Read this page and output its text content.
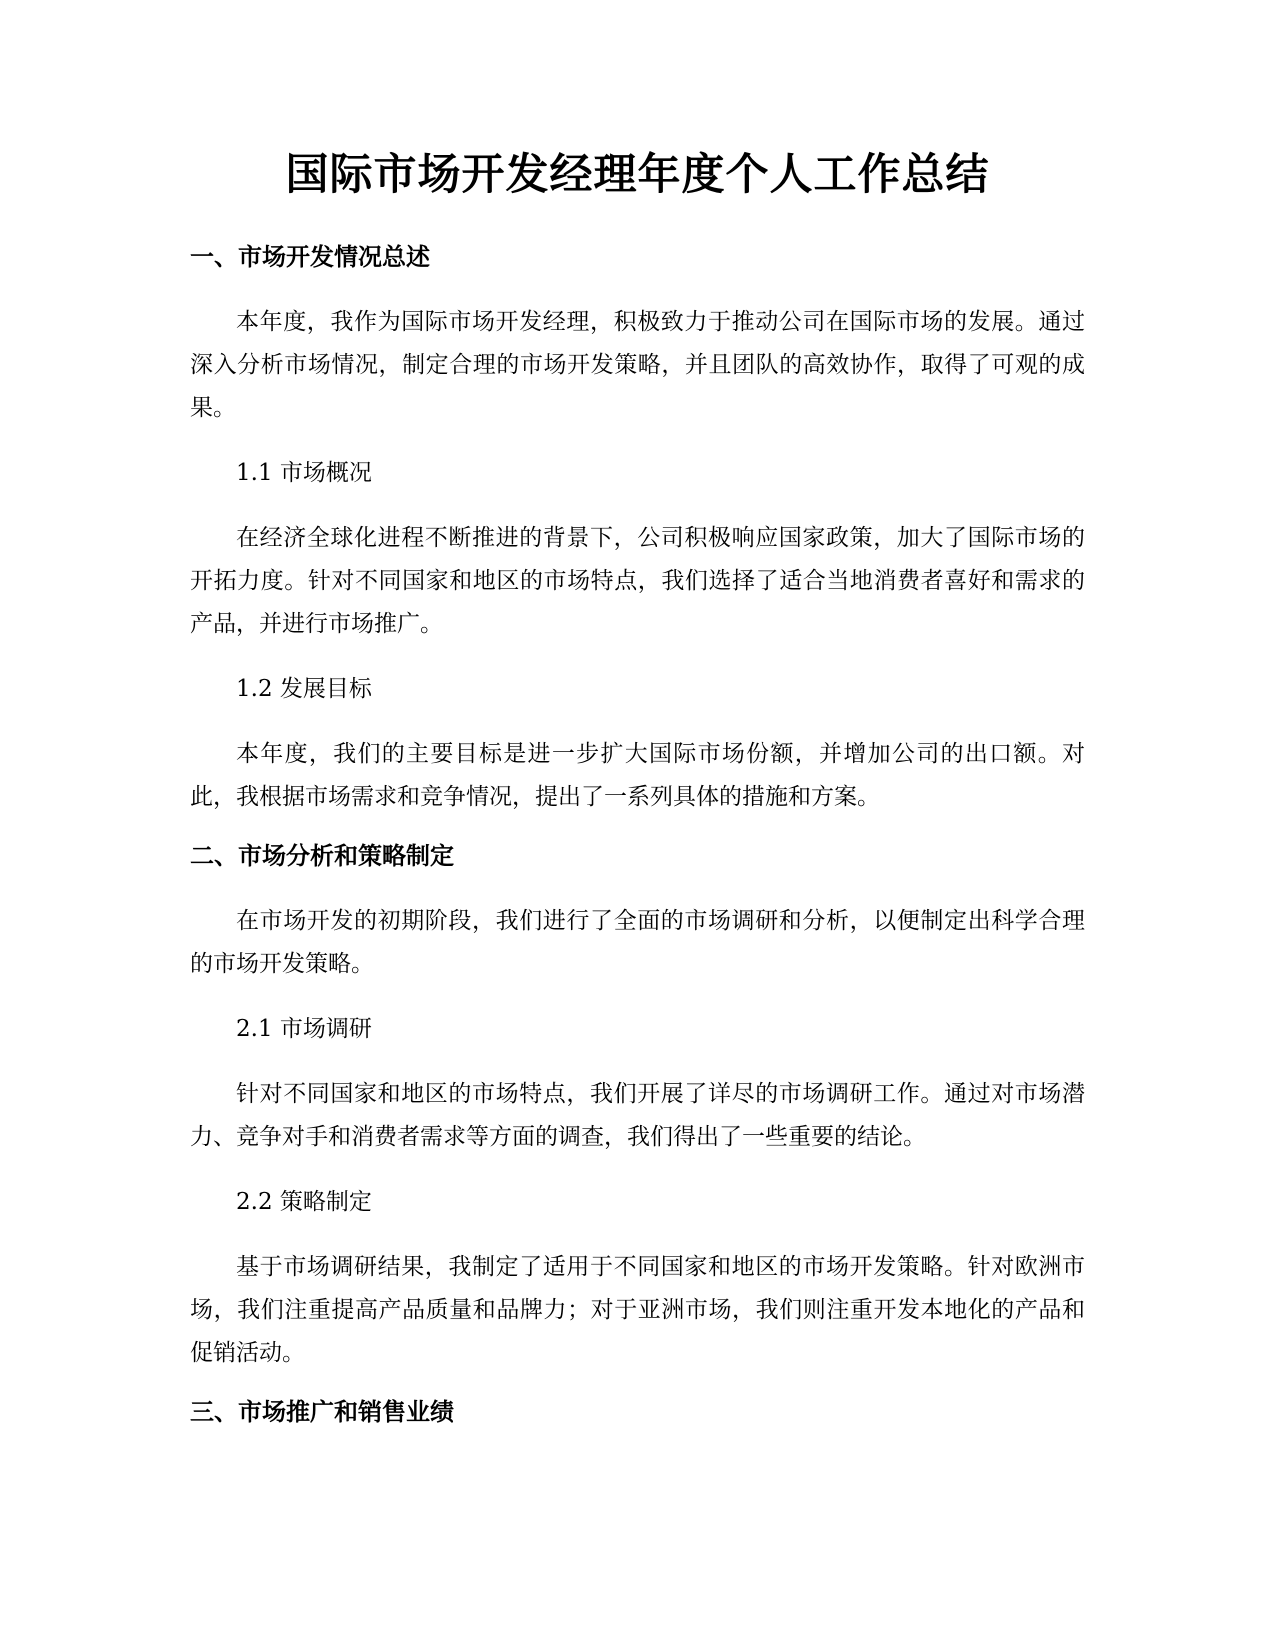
国际市场开发经理年度个人工作总结
一、市场开发情况总述

本年度，我作为国际市场开发经理，积极致力于推动公司在国际市场的发展。通过深入分析市场情况，制定合理的市场开发策略，并且团队的高效协作，取得了可观的成果。

1.1 市场概况

在经济全球化进程不断推进的背景下，公司积极响应国家政策，加大了国际市场的开拓力度。针对不同国家和地区的市场特点，我们选择了适合当地消费者喜好和需求的产品，并进行市场推广。

1.2 发展目标

本年度，我们的主要目标是进一步扩大国际市场份额，并增加公司的出口额。对此，我根据市场需求和竞争情况，提出了一系列具体的措施和方案。

二、市场分析和策略制定

在市场开发的初期阶段，我们进行了全面的市场调研和分析，以便制定出科学合理的市场开发策略。

2.1 市场调研

针对不同国家和地区的市场特点，我们开展了详尽的市场调研工作。通过对市场潜力、竞争对手和消费者需求等方面的调查，我们得出了一些重要的结论。

2.2 策略制定

基于市场调研结果，我制定了适用于不同国家和地区的市场开发策略。针对欧洲市场，我们注重提高产品质量和品牌力；对于亚洲市场，我们则注重开发本地化的产品和促销活动。

三、市场推广和销售业绩
